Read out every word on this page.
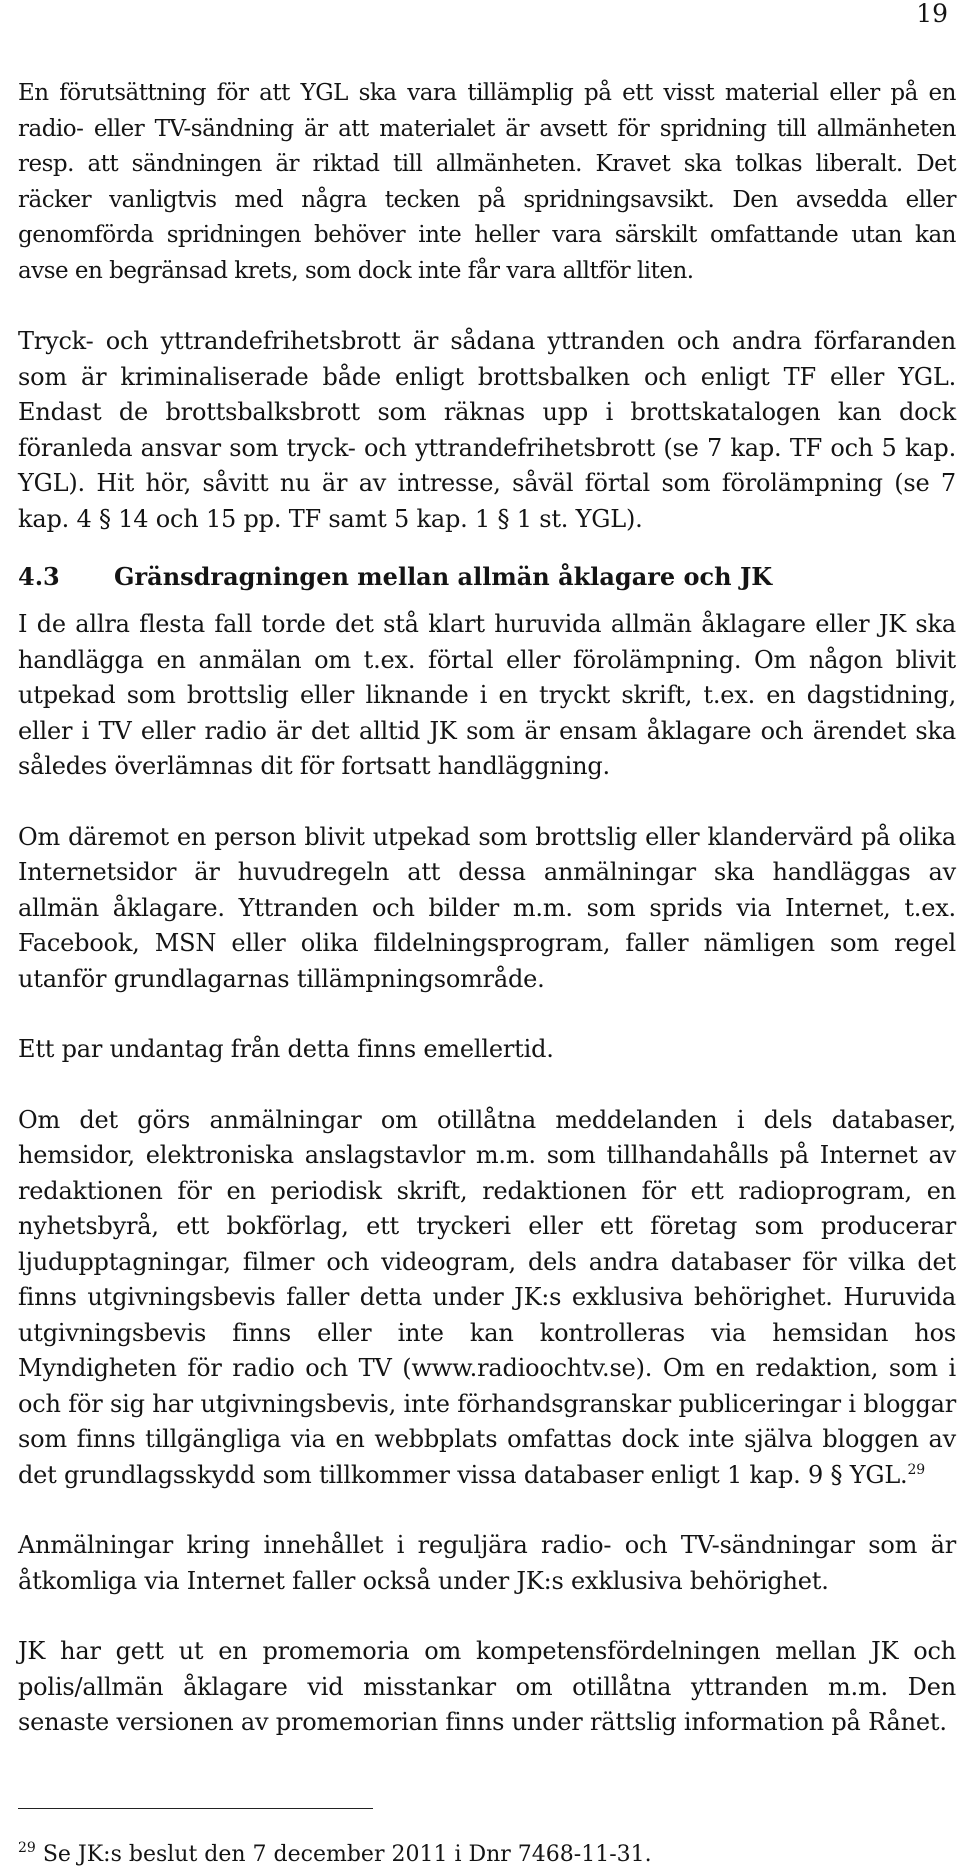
19

En förutsättning för att YGL ska vara tillämplig på ett visst material eller på en radio- eller TV-sändning är att materialet är avsett för spridning till allmänheten resp. att sändningen är riktad till allmänheten. Kravet ska tolkas liberalt. Det räcker vanligtvis med några tecken på spridningsavsikt. Den avsedda eller genomförda spridningen behöver inte heller vara särskilt omfattande utan kan avse en begränsad krets, som dock inte får vara alltför liten.

Tryck- och yttrandefrihetsbrott är sådana yttranden och andra förfaranden som är kriminaliserade både enligt brottsbalken och enligt TF eller YGL. Endast de brottsbalksbrott som räknas upp i brottskatalogen kan dock föranleda ansvar som tryck- och yttrandefrihetsbrott (se 7 kap. TF och 5 kap. YGL). Hit hör, såvitt nu är av intresse, såväl förtal som förolämpning (se 7 kap. 4 § 14 och 15 pp. TF samt 5 kap. 1 § 1 st. YGL).

4.3	Gränsdragningen mellan allmän åklagare och JK

I de allra flesta fall torde det stå klart huruvida allmän åklagare eller JK ska handlägga en anmälan om t.ex. förtal eller förolämpning. Om någon blivit utpekad som brottslig eller liknande i en tryckt skrift, t.ex. en dagstidning, eller i TV eller radio är det alltid JK som är ensam åklagare och ärendet ska således överlämnas dit för fortsatt handläggning.

Om däremot en person blivit utpekad som brottslig eller klandervärd på olika Internetsidor är huvudregeln att dessa anmälningar ska handläggas av allmän åklagare. Yttranden och bilder m.m. som sprids via Internet, t.ex. Facebook, MSN eller olika fildelningsprogram, faller nämligen som regel utanför grundlagarnas tillämpningsområde.

Ett par undantag från detta finns emellertid.

Om det görs anmälningar om otillåtna meddelanden i dels databaser, hemsidor, elektroniska anslagstavlor m.m. som tillhandahålls på Internet av redaktionen för en periodisk skrift, redaktionen för ett radioprogram, en nyhetsbyrå, ett bokförlag, ett tryckeri eller ett företag som producerar ljudupptagningar, filmer och videogram, dels andra databaser för vilka det finns utgivningsbevis faller detta under JK:s exklusiva behörighet. Huruvida utgivningsbevis finns eller inte kan kontrolleras via hemsidan hos Myndigheten för radio och TV (www.radioochtv.se). Om en redaktion, som i och för sig har utgivningsbevis, inte förhandsgranskar publiceringar i bloggar som finns tillgängliga via en webbplats omfattas dock inte själva bloggen av det grundlagsskydd som tillkommer vissa databaser enligt 1 kap. 9 § YGL.$^{29}$

Anmälningar kring innehållet i reguljära radio- och TV-sändningar som är åtkomliga via Internet faller också under JK:s exklusiva behörighet.

JK har gett ut en promemoria om kompetensfördelningen mellan JK och polis/allmän åklagare vid misstankar om otillåtna yttranden m.m. Den senaste versionen av promemorian finns under rättslig information på Rånet.

$^{29}$ Se JK:s beslut den 7 december 2011 i Dnr 7468-11-31.
